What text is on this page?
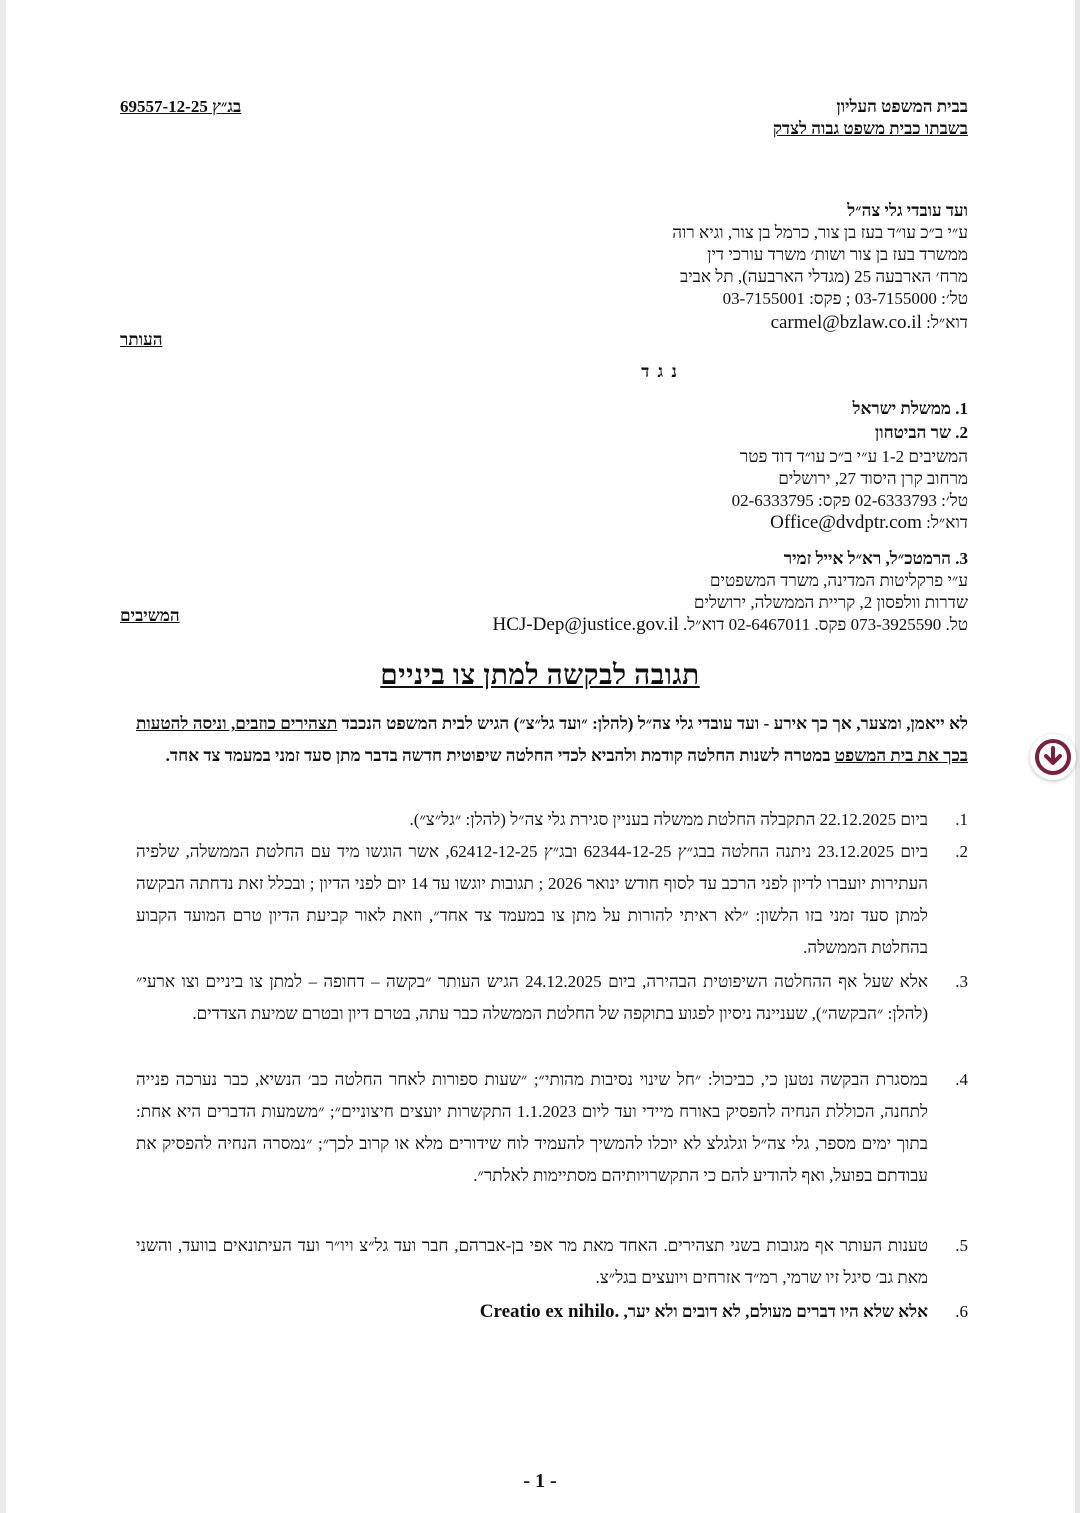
בבית המשפט העליון
בשבתו כבית משפט גבוה לצדק
בג״ץ 69557-12-25
ועד עובדי גלי צה״ל
ע״י ב״כ עו״ד בעז בן צור, כרמל בן צור, וגיא רוה
ממשרד בעז בן צור ושות׳ משרד עורכי דין
מרח׳ הארבעה 25 (מגדלי הארבעה), תל אביב
טל׳: 03-7155000 ; פקס: 03-7155001
דוא״ל: carmel@bzlaw.co.il
העותר
נ ג ד
1. ממשלת ישראל
2. שר הביטחון
המשיבים 1-2 ע״י ב״כ עו״ד דוד פטר
מרחוב קרן היסוד 27, ירושלים
טל׳: 02-6333793 פקס: 02-6333795
דוא״ל: Office@dvdptr.com
3. הרמטכ״ל, רא״ל אייל זמיר
ע״י פרקליטות המדינה, משרד המשפטים
שדרות וולפסון 2, קריית הממשלה, ירושלים
טל. 073-3925590 פקס. 02-6467011 דוא״ל. HCJ-Dep@justice.gov.il
המשיבים
תגובה לבקשה למתן צו ביניים
לא ייאמן, ומצער, אך כך אירע - ועד עובדי גלי צה״ל (להלן: ״ועד גל״צ״) הגיש לבית המשפט הנכבד תצהירים כוזבים, וניסה להטעות בכך את בית המשפט במטרה לשנות החלטה קודמת ולהביא לכדי החלטה שיפוטית חדשה בדבר מתן סעד זמני במעמד צד אחד.
1.
ביום 22.12.2025 התקבלה החלטת ממשלה בעניין סגירת גלי צה״ל (להלן: ״גל״צ״).
2.
ביום 23.12.2025 ניתנה החלטה בבג״ץ 62344-12-25 ובג״ץ 62412-12-25, אשר הוגשו מיד עם החלטת הממשלה, שלפיה העתירות יועברו לדיון לפני הרכב עד לסוף חודש ינואר 2026 ; תגובות יוגשו עד 14 יום לפני הדיון ; ובכלל זאת נדחתה הבקשה למתן סעד זמני בזו הלשון: ״לא ראיתי להורות על מתן צו במעמד צד אחד״, וזאת לאור קביעת הדיון טרם המועד הקבוע בהחלטת הממשלה.
3.
אלא שעל אף ההחלטה השיפוטית הבהירה, ביום 24.12.2025 הגיש העותר ״בקשה – דחופה – למתן צו ביניים וצו ארעי״ (להלן: ״הבקשה״), שעניינה ניסיון לפגוע בתוקפה של החלטת הממשלה כבר עתה, בטרם דיון ובטרם שמיעת הצדדים.
4.
במסגרת הבקשה נטען כי, כביכול: ״חל שינוי נסיבות מהותי״; ״שעות ספורות לאחר החלטה כב׳ הנשיא, כבר נערכה פנייה לתחנה, הכוללת הנחיה להפסיק באורח מיידי ועד ליום 1.1.2023 התקשרות יועצים חיצוניים״; ״משמעות הדברים היא אחת: בתוך ימים מספר, גלי צה״ל וגלגלצ לא יוכלו להמשיך להעמיד לוח שידורים מלא או קרוב לכך״; ״נמסרה הנחיה להפסיק את עבודתם בפועל, ואף להודיע להם כי התקשרויותיהם מסתיימות לאלתר״.
5.
טענות העותר אף מגובות בשני תצהירים. האחד מאת מר אפי בן-אברהם, חבר ועד גל״צ ויו״ר ועד העיתונאים בוועד, והשני מאת גב׳ סיגל זיו שרמי, רמ״ד אזרחים ויועצים בגל״צ.
6.
אלא שלא היו דברים מעולם, לא דובים ולא יער, Creatio ex nihilo.
- 1 -
